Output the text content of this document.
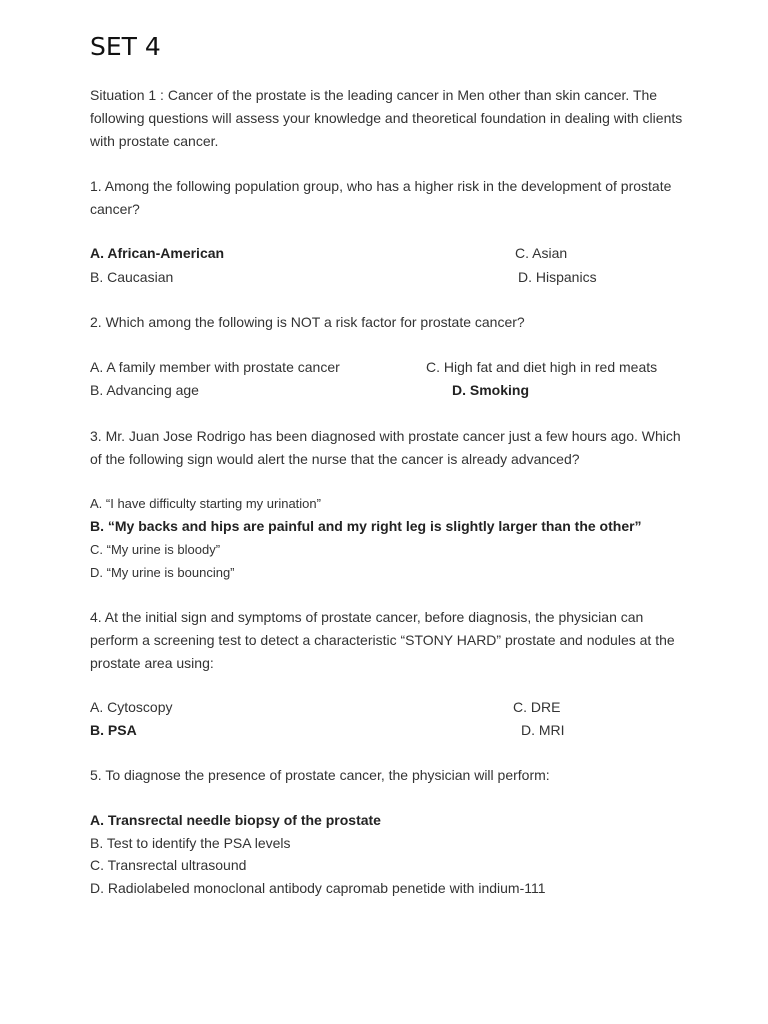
SET 4

Situation 1 : Cancer of the prostate is the leading cancer in Men other than skin cancer. The following questions will assess your knowledge and theoretical foundation in dealing with clients with prostate cancer.

1. Among the following population group, who has a higher risk in the development of prostate cancer?

A. African-American	C. Asian
B. Caucasian	D. Hispanics

2. Which among the following is NOT a risk factor for prostate cancer?

A. A family member with prostate cancer	C. High fat and diet high in red meats
B. Advancing age	D. Smoking

3. Mr. Juan Jose Rodrigo has been diagnosed with prostate cancer just a few hours ago. Which of the following sign would alert the nurse that the cancer is already advanced?

A. “I have difficulty starting my urination”
B. “My backs and hips are painful and my right leg is slightly larger than the other”
C. “My urine is bloody”
D. “My urine is bouncing”

4. At the initial sign and symptoms of prostate cancer, before diagnosis, the physician can perform a screening test to detect a characteristic “STONY HARD” prostate and nodules at the prostate area using:

A. Cytoscopy	C. DRE
B. PSA	D. MRI

5. To diagnose the presence of prostate cancer, the physician will perform:

A. Transrectal needle biopsy of the prostate
B. Test to identify the PSA levels
C. Transrectal ultrasound
D. Radiolabeled monoclonal antibody capromab penetide with indium-111
